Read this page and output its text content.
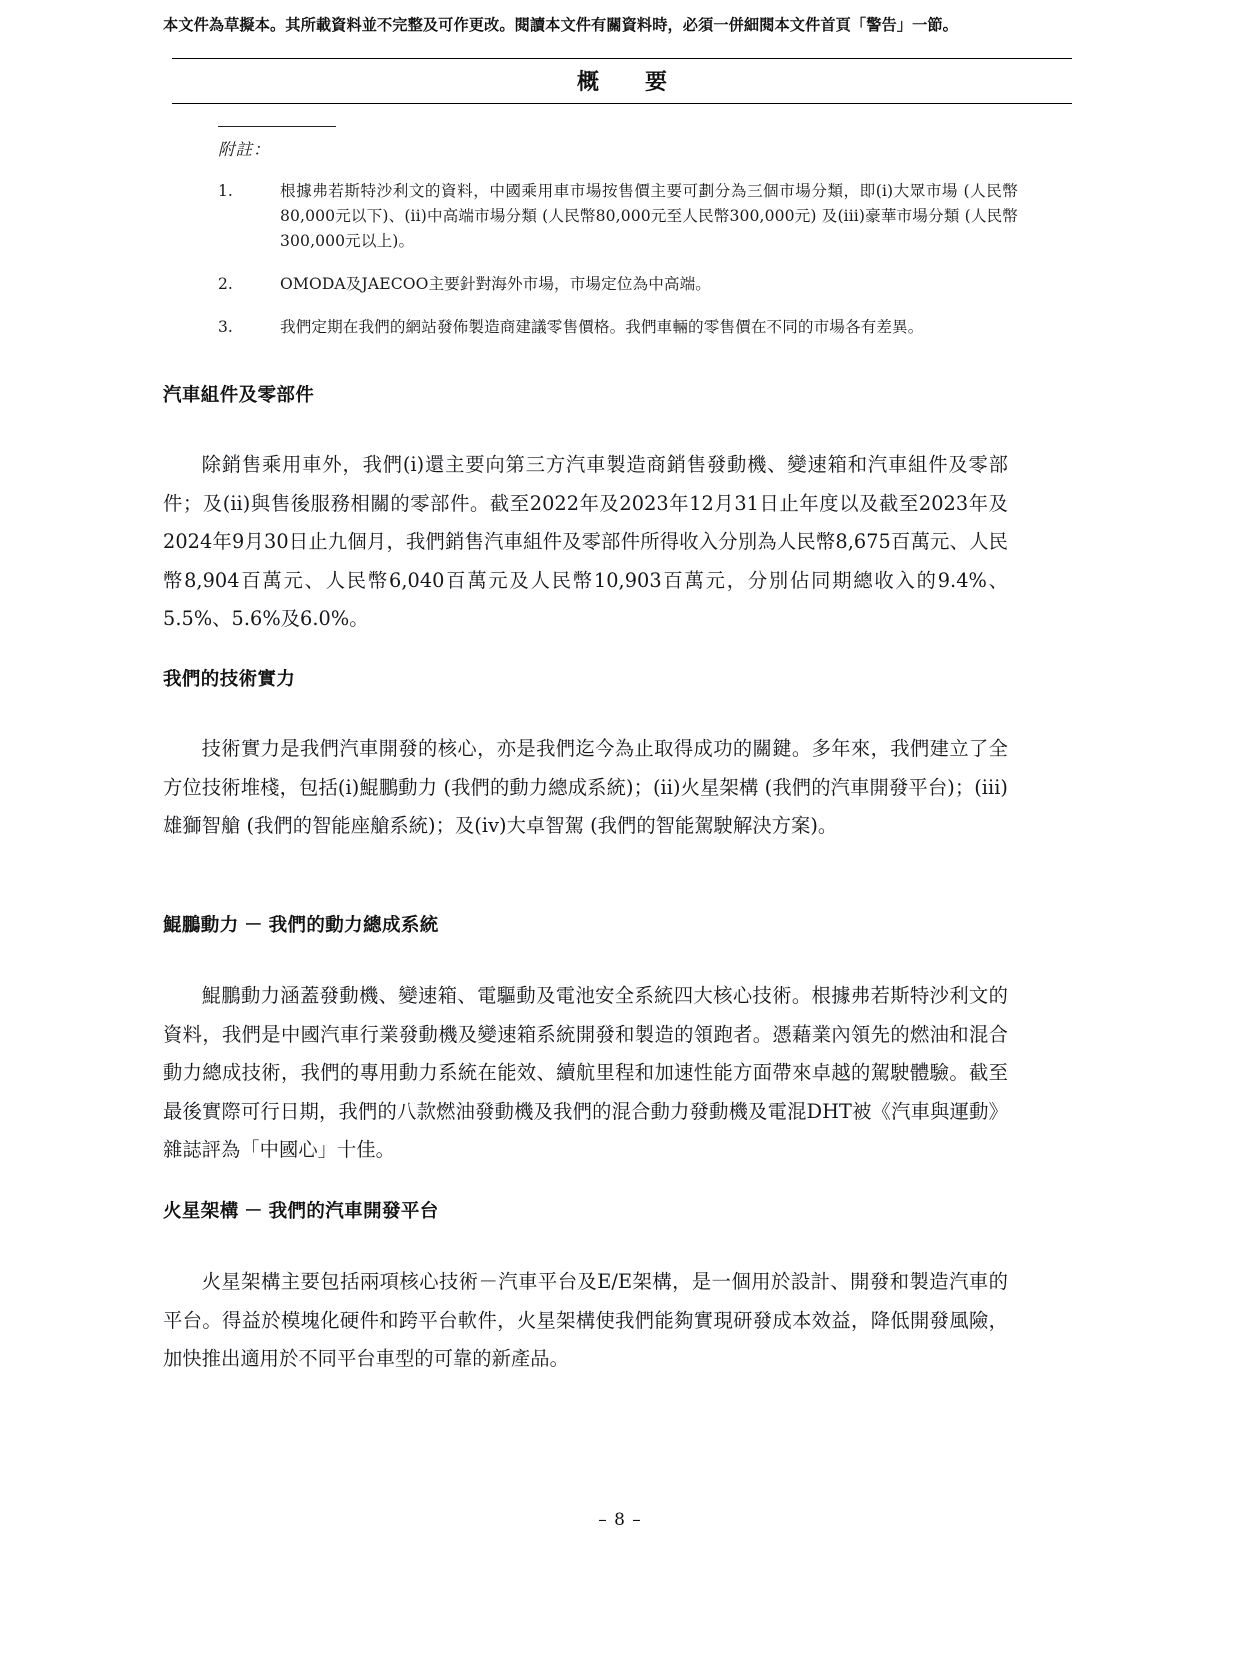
本文件為草擬本。其所載資料並不完整及可作更改。閱讀本文件有關資料時，必須一併細閱本文件首頁「警告」一節。
概　要
附註：
1.	根據弗若斯特沙利文的資料，中國乘用車市場按售價主要可劃分為三個市場分類，即(i)大眾市場 (人民幣80,000元以下)、(ii)中高端市場分類 (人民幣80,000元至人民幣300,000元) 及(iii)豪華市場分類 (人民幣300,000元以上)。
2.	OMODA及JAECOO主要針對海外市場，市場定位為中高端。
3.	我們定期在我們的網站發佈製造商建議零售價格。我們車輛的零售價在不同的市場各有差異。
汽車組件及零部件

除銷售乘用車外，我們(i)還主要向第三方汽車製造商銷售發動機、變速箱和汽車組件及零部件；及(ii)與售後服務相關的零部件。截至2022年及2023年12月31日止年度以及截至2023年及2024年9月30日止九個月，我們銷售汽車組件及零部件所得收入分別為人民幣8,675百萬元、人民幣8,904百萬元、人民幣6,040百萬元及人民幣10,903百萬元，分別佔同期總收入的9.4%、5.5%、5.6%及6.0%。

我們的技術實力

技術實力是我們汽車開發的核心，亦是我們迄今為止取得成功的關鍵。多年來，我們建立了全方位技術堆棧，包括(i)鯤鵬動力 (我們的動力總成系統)；(ii)火星架構 (我們的汽車開發平台)；(iii)雄獅智艙 (我們的智能座艙系統)；及(iv)大卓智駕 (我們的智能駕駛解決方案)。

鯤鵬動力 － 我們的動力總成系統

鯤鵬動力涵蓋發動機、變速箱、電驅動及電池安全系統四大核心技術。根據弗若斯特沙利文的資料，我們是中國汽車行業發動機及變速箱系統開發和製造的領跑者。憑藉業內領先的燃油和混合動力總成技術，我們的專用動力系統在能效、續航里程和加速性能方面帶來卓越的駕駛體驗。截至最後實際可行日期，我們的八款燃油發動機及我們的混合動力發動機及電混DHT被《汽車與運動》雜誌評為「中國心」十佳。

火星架構 － 我們的汽車開發平台

火星架構主要包括兩項核心技術－汽車平台及E/E架構，是一個用於設計、開發和製造汽車的平台。得益於模塊化硬件和跨平台軟件，火星架構使我們能夠實現研發成本效益，降低開發風險，加快推出適用於不同平台車型的可靠的新產品。

– 8 –
